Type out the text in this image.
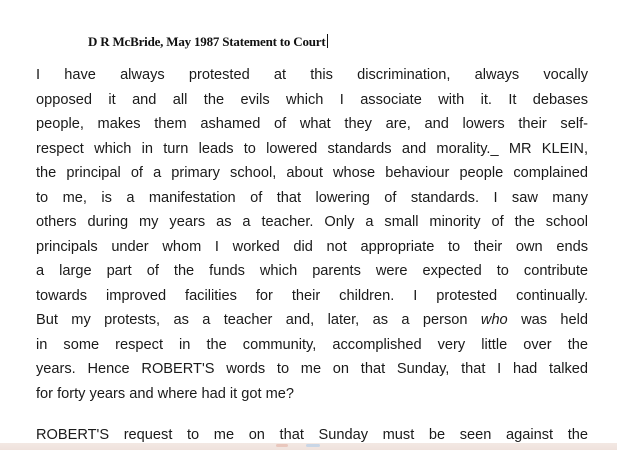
D R McBride, May 1987 Statement to Court
I have always protested at this discrimination, always vocally
opposed it and all the evils which I associate with it. It debases
people, makes them ashamed of what they are, and lowers their self-
respect which in turn leads to lowered standards and morality._ MR KLEIN,
the principal of a primary school, about whose behaviour people complained
to me, is a manifestation of that lowering of standards. I saw many
others during my years as a teacher. Only a small minority of the school
principals under whom I worked did not appropriate to their own ends
a large part of the funds which parents were expected to contribute
towards improved facilities for their children. I protested continually.
But my protests, as a teacher and, later, as a person who was held
in some respect in the community, accomplished very little over the
years. Hence ROBERT'S words to me on that Sunday, that I had talked
for forty years and where had it got me?
ROBERT'S request to me on that Sunday must be seen against the
